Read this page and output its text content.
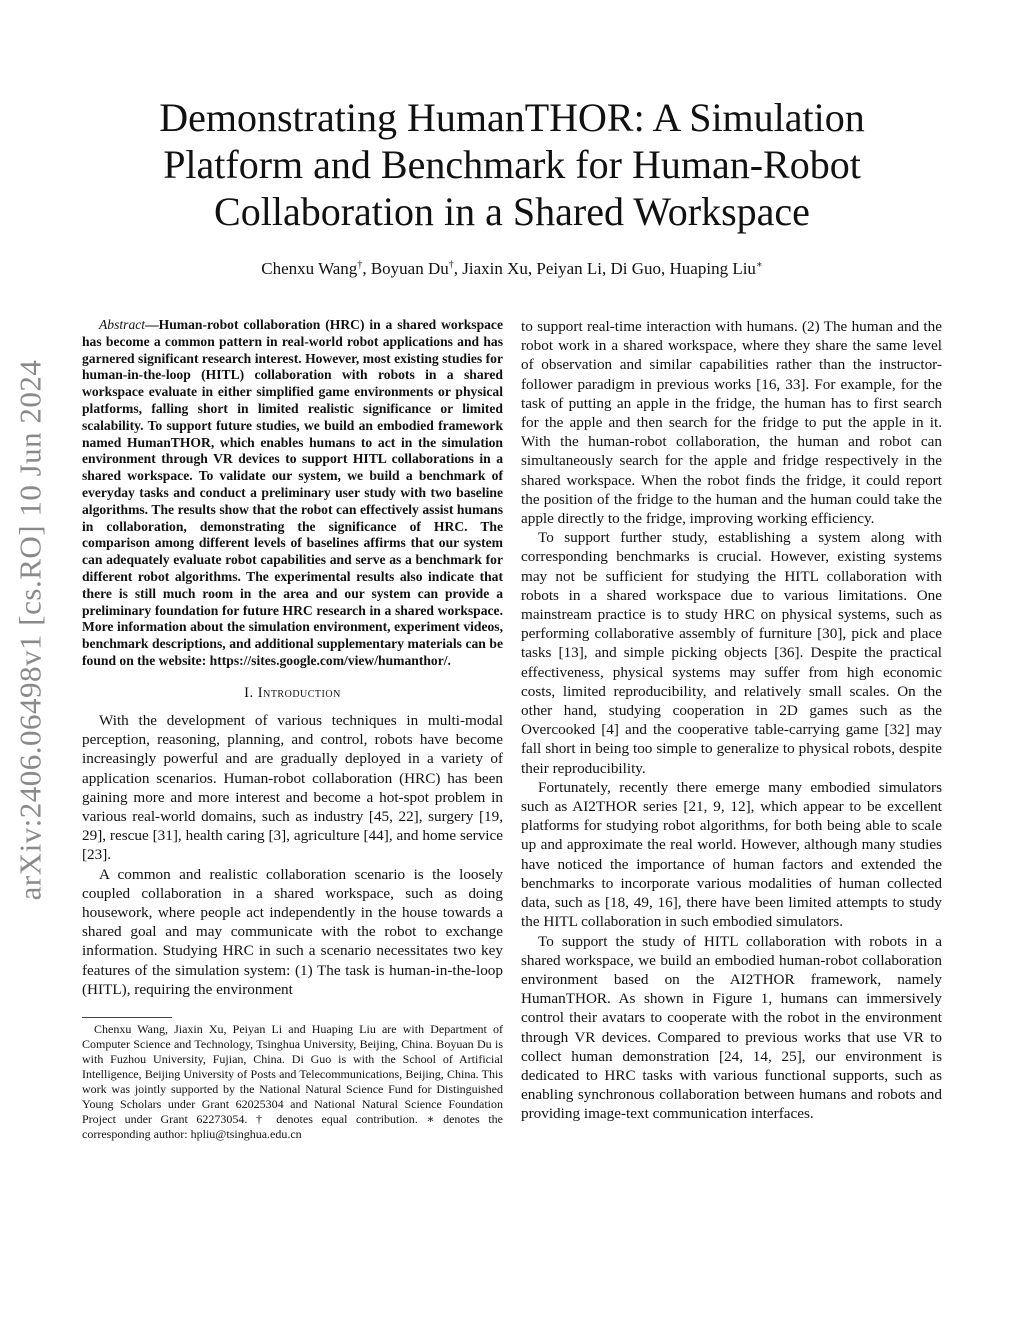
arXiv:2406.06498v1 [cs.RO] 10 Jun 2024
Demonstrating HumanTHOR: A Simulation
Platform and Benchmark for Human-Robot
Collaboration in a Shared Workspace

Chenxu Wang†, Boyuan Du†, Jiaxin Xu, Peiyan Li, Di Guo, Huaping Liu∗

Abstract—Human-robot collaboration (HRC) in a shared workspace has become a common pattern in real-world robot applications and has garnered significant research interest. However, most existing studies for human-in-the-loop (HITL) collaboration with robots in a shared workspace evaluate in either simplified game environments or physical platforms, falling short in limited realistic significance or limited scalability. To support future studies, we build an embodied framework named HumanTHOR, which enables humans to act in the simulation environment through VR devices to support HITL collaborations in a shared workspace. To validate our system, we build a benchmark of everyday tasks and conduct a preliminary user study with two baseline algorithms. The results show that the robot can effectively assist humans in collaboration, demonstrating the significance of HRC. The comparison among different levels of baselines affirms that our system can adequately evaluate robot capabilities and serve as a benchmark for different robot algorithms. The experimental results also indicate that there is still much room in the area and our system can provide a preliminary foundation for future HRC research in a shared workspace. More information about the simulation environment, experiment videos, benchmark descriptions, and additional supplementary materials can be found on the website: https://sites.google.com/view/humanthor/.

I. Introduction

With the development of various techniques in multi-modal perception, reasoning, planning, and control, robots have become increasingly powerful and are gradually deployed in a variety of application scenarios. Human-robot collaboration (HRC) has been gaining more and more interest and become a hot-spot problem in various real-world domains, such as industry [45, 22], surgery [19, 29], rescue [31], health caring [3], agriculture [44], and home service [23].

A common and realistic collaboration scenario is the loosely coupled collaboration in a shared workspace, such as doing housework, where people act independently in the house towards a shared goal and may communicate with the robot to exchange information. Studying HRC in such a scenario necessitates two key features of the simulation system: (1) The task is human-in-the-loop (HITL), requiring the environment

Chenxu Wang, Jiaxin Xu, Peiyan Li and Huaping Liu are with Department of Computer Science and Technology, Tsinghua University, Beijing, China. Boyuan Du is with Fuzhou University, Fujian, China. Di Guo is with the School of Artificial Intelligence, Beijing University of Posts and Telecommunications, Beijing, China. This work was jointly supported by the National Natural Science Fund for Distinguished Young Scholars under Grant 62025304 and National Natural Science Foundation Project under Grant 62273054. † denotes equal contribution. ∗ denotes the corresponding author: hpliu@tsinghua.edu.cn

to support real-time interaction with humans. (2) The human and the robot work in a shared workspace, where they share the same level of observation and similar capabilities rather than the instructor-follower paradigm in previous works [16, 33]. For example, for the task of putting an apple in the fridge, the human has to first search for the apple and then search for the fridge to put the apple in it. With the human-robot collaboration, the human and robot can simultaneously search for the apple and fridge respectively in the shared workspace. When the robot finds the fridge, it could report the position of the fridge to the human and the human could take the apple directly to the fridge, improving working efficiency.

To support further study, establishing a system along with corresponding benchmarks is crucial. However, existing systems may not be sufficient for studying the HITL collaboration with robots in a shared workspace due to various limitations. One mainstream practice is to study HRC on physical systems, such as performing collaborative assembly of furniture [30], pick and place tasks [13], and simple picking objects [36]. Despite the practical effectiveness, physical systems may suffer from high economic costs, limited reproducibility, and relatively small scales. On the other hand, studying cooperation in 2D games such as the Overcooked [4] and the cooperative table-carrying game [32] may fall short in being too simple to generalize to physical robots, despite their reproducibility.

Fortunately, recently there emerge many embodied simulators such as AI2THOR series [21, 9, 12], which appear to be excellent platforms for studying robot algorithms, for both being able to scale up and approximate the real world. However, although many studies have noticed the importance of human factors and extended the benchmarks to incorporate various modalities of human collected data, such as [18, 49, 16], there have been limited attempts to study the HITL collaboration in such embodied simulators.

To support the study of HITL collaboration with robots in a shared workspace, we build an embodied human-robot collaboration environment based on the AI2THOR framework, namely HumanTHOR. As shown in Figure 1, humans can immersively control their avatars to cooperate with the robot in the environment through VR devices. Compared to previous works that use VR to collect human demonstration [24, 14, 25], our environment is dedicated to HRC tasks with various functional supports, such as enabling synchronous collaboration between humans and robots and providing image-text communication interfaces.
